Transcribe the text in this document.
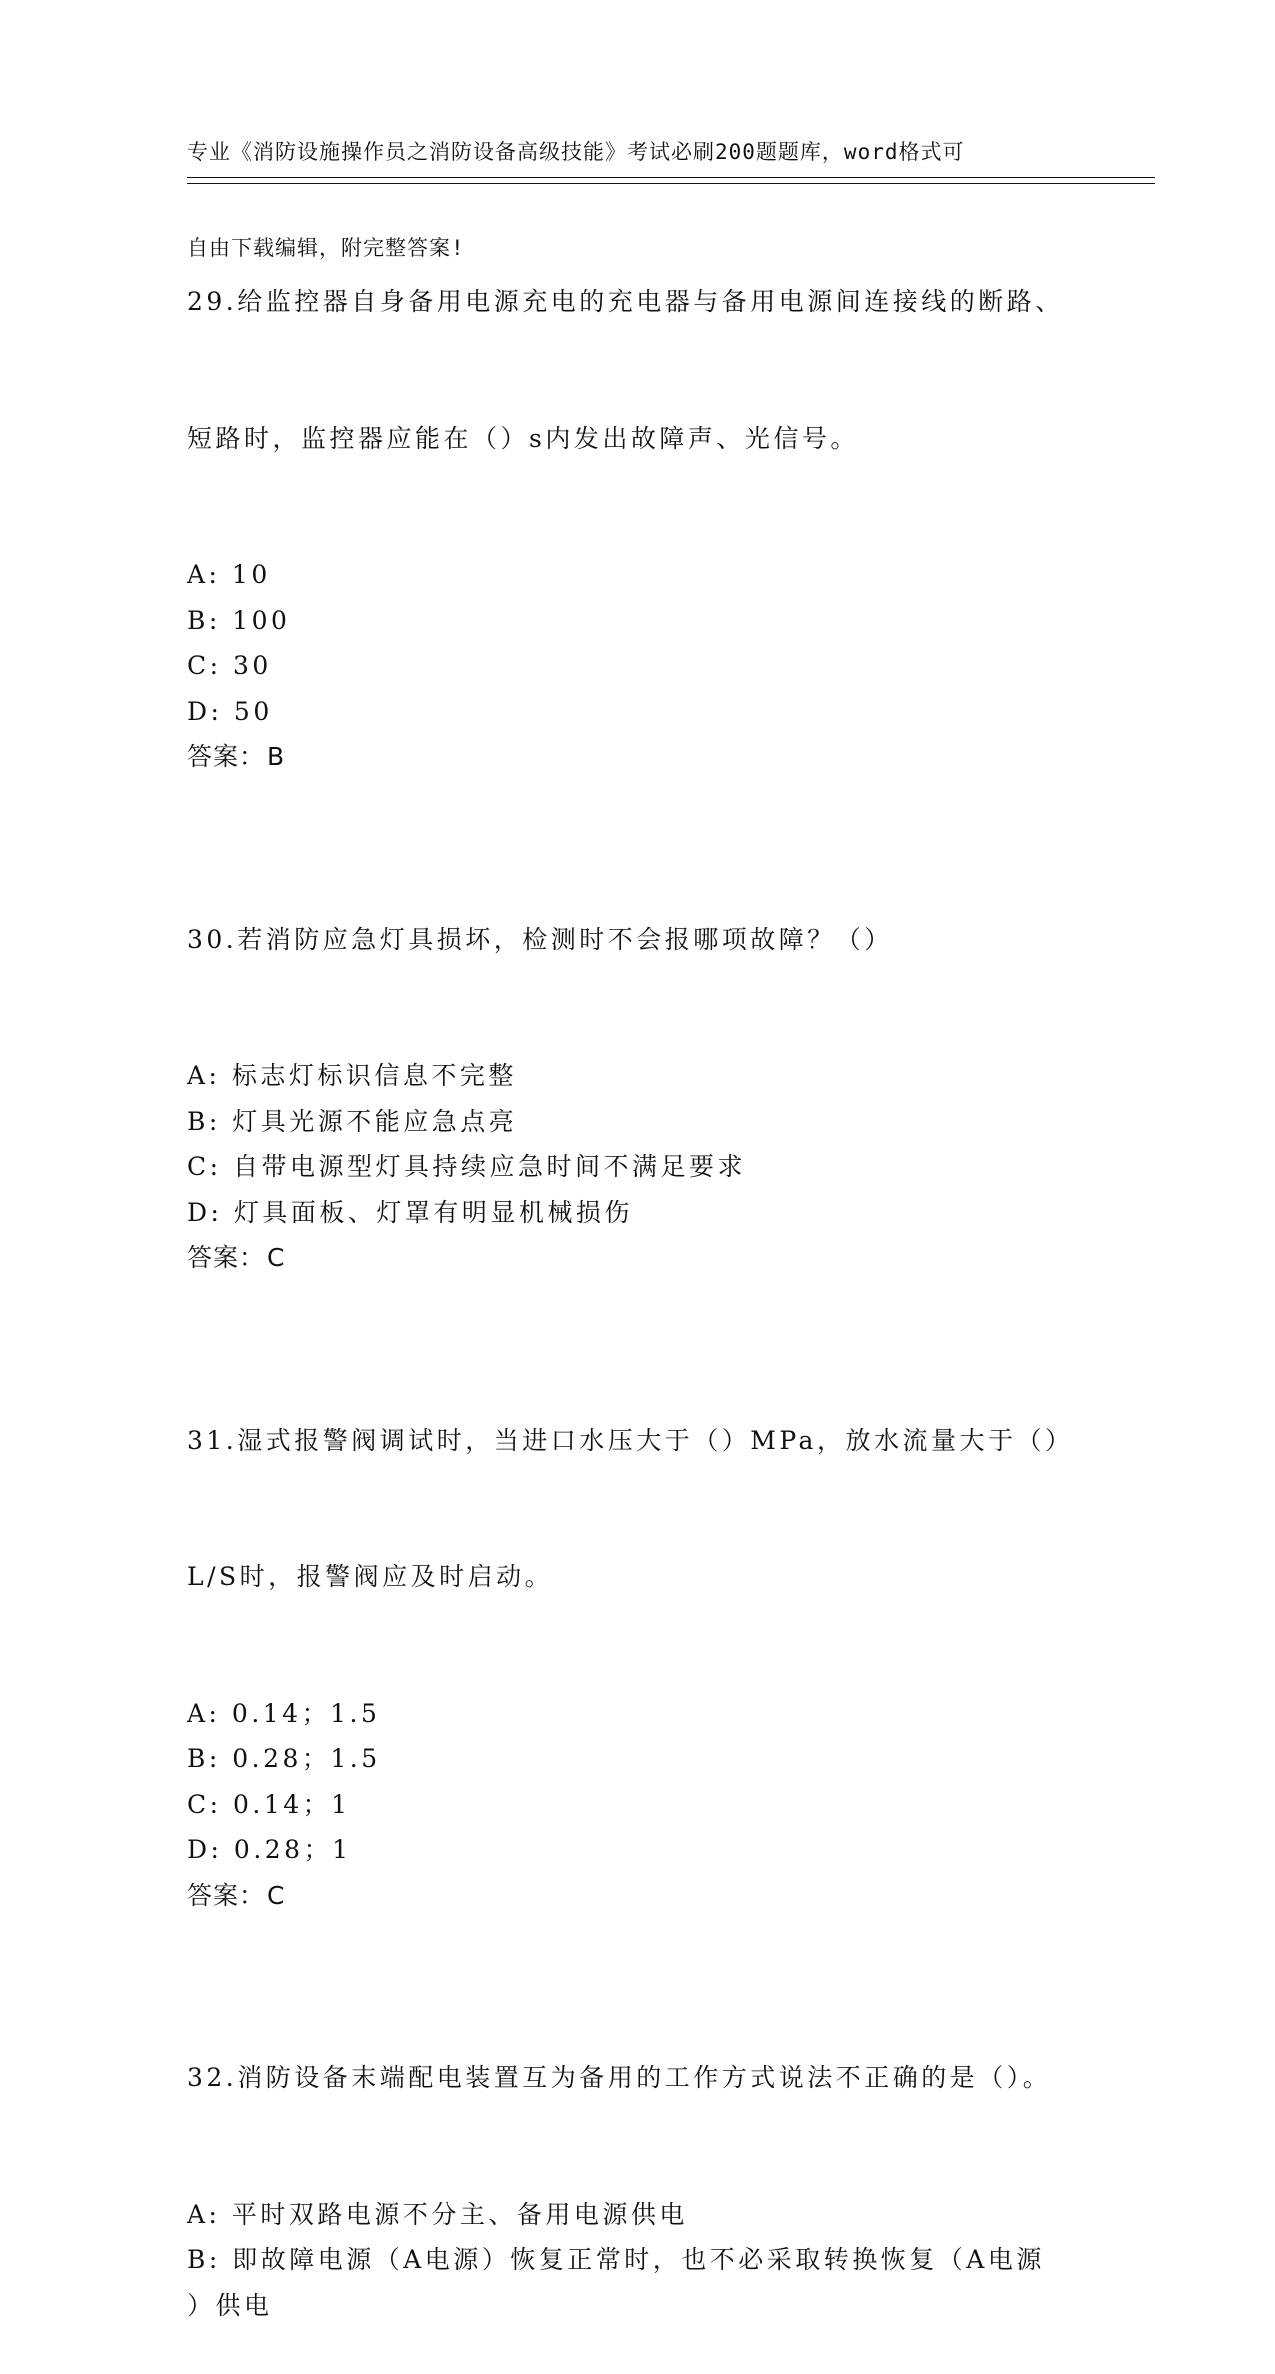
专业《消防设施操作员之消防设备高级技能》考试必刷200题题库，word格式可

自由下载编辑，附完整答案!

29.给监控器自身备用电源充电的充电器与备用电源间连接线的断路、

短路时，监控器应能在（）s内发出故障声、光信号。

A: 10
B: 100
C: 30
D: 50
答案：B

30.若消防应急灯具损坏，检测时不会报哪项故障？（）

A: 标志灯标识信息不完整
B: 灯具光源不能应急点亮
C: 自带电源型灯具持续应急时间不满足要求
D: 灯具面板、灯罩有明显机械损伤
答案：C

31.湿式报警阀调试时，当进口水压大于（）MPa，放水流量大于（）

L/S时，报警阀应及时启动。

A: 0.14；1.5
B: 0.28；1.5
C: 0.14；1
D: 0.28；1
答案：C

32.消防设备末端配电装置互为备用的工作方式说法不正确的是（）。

A: 平时双路电源不分主、备用电源供电
B: 即故障电源（A电源）恢复正常时，也不必采取转换恢复（A电源
）供电
